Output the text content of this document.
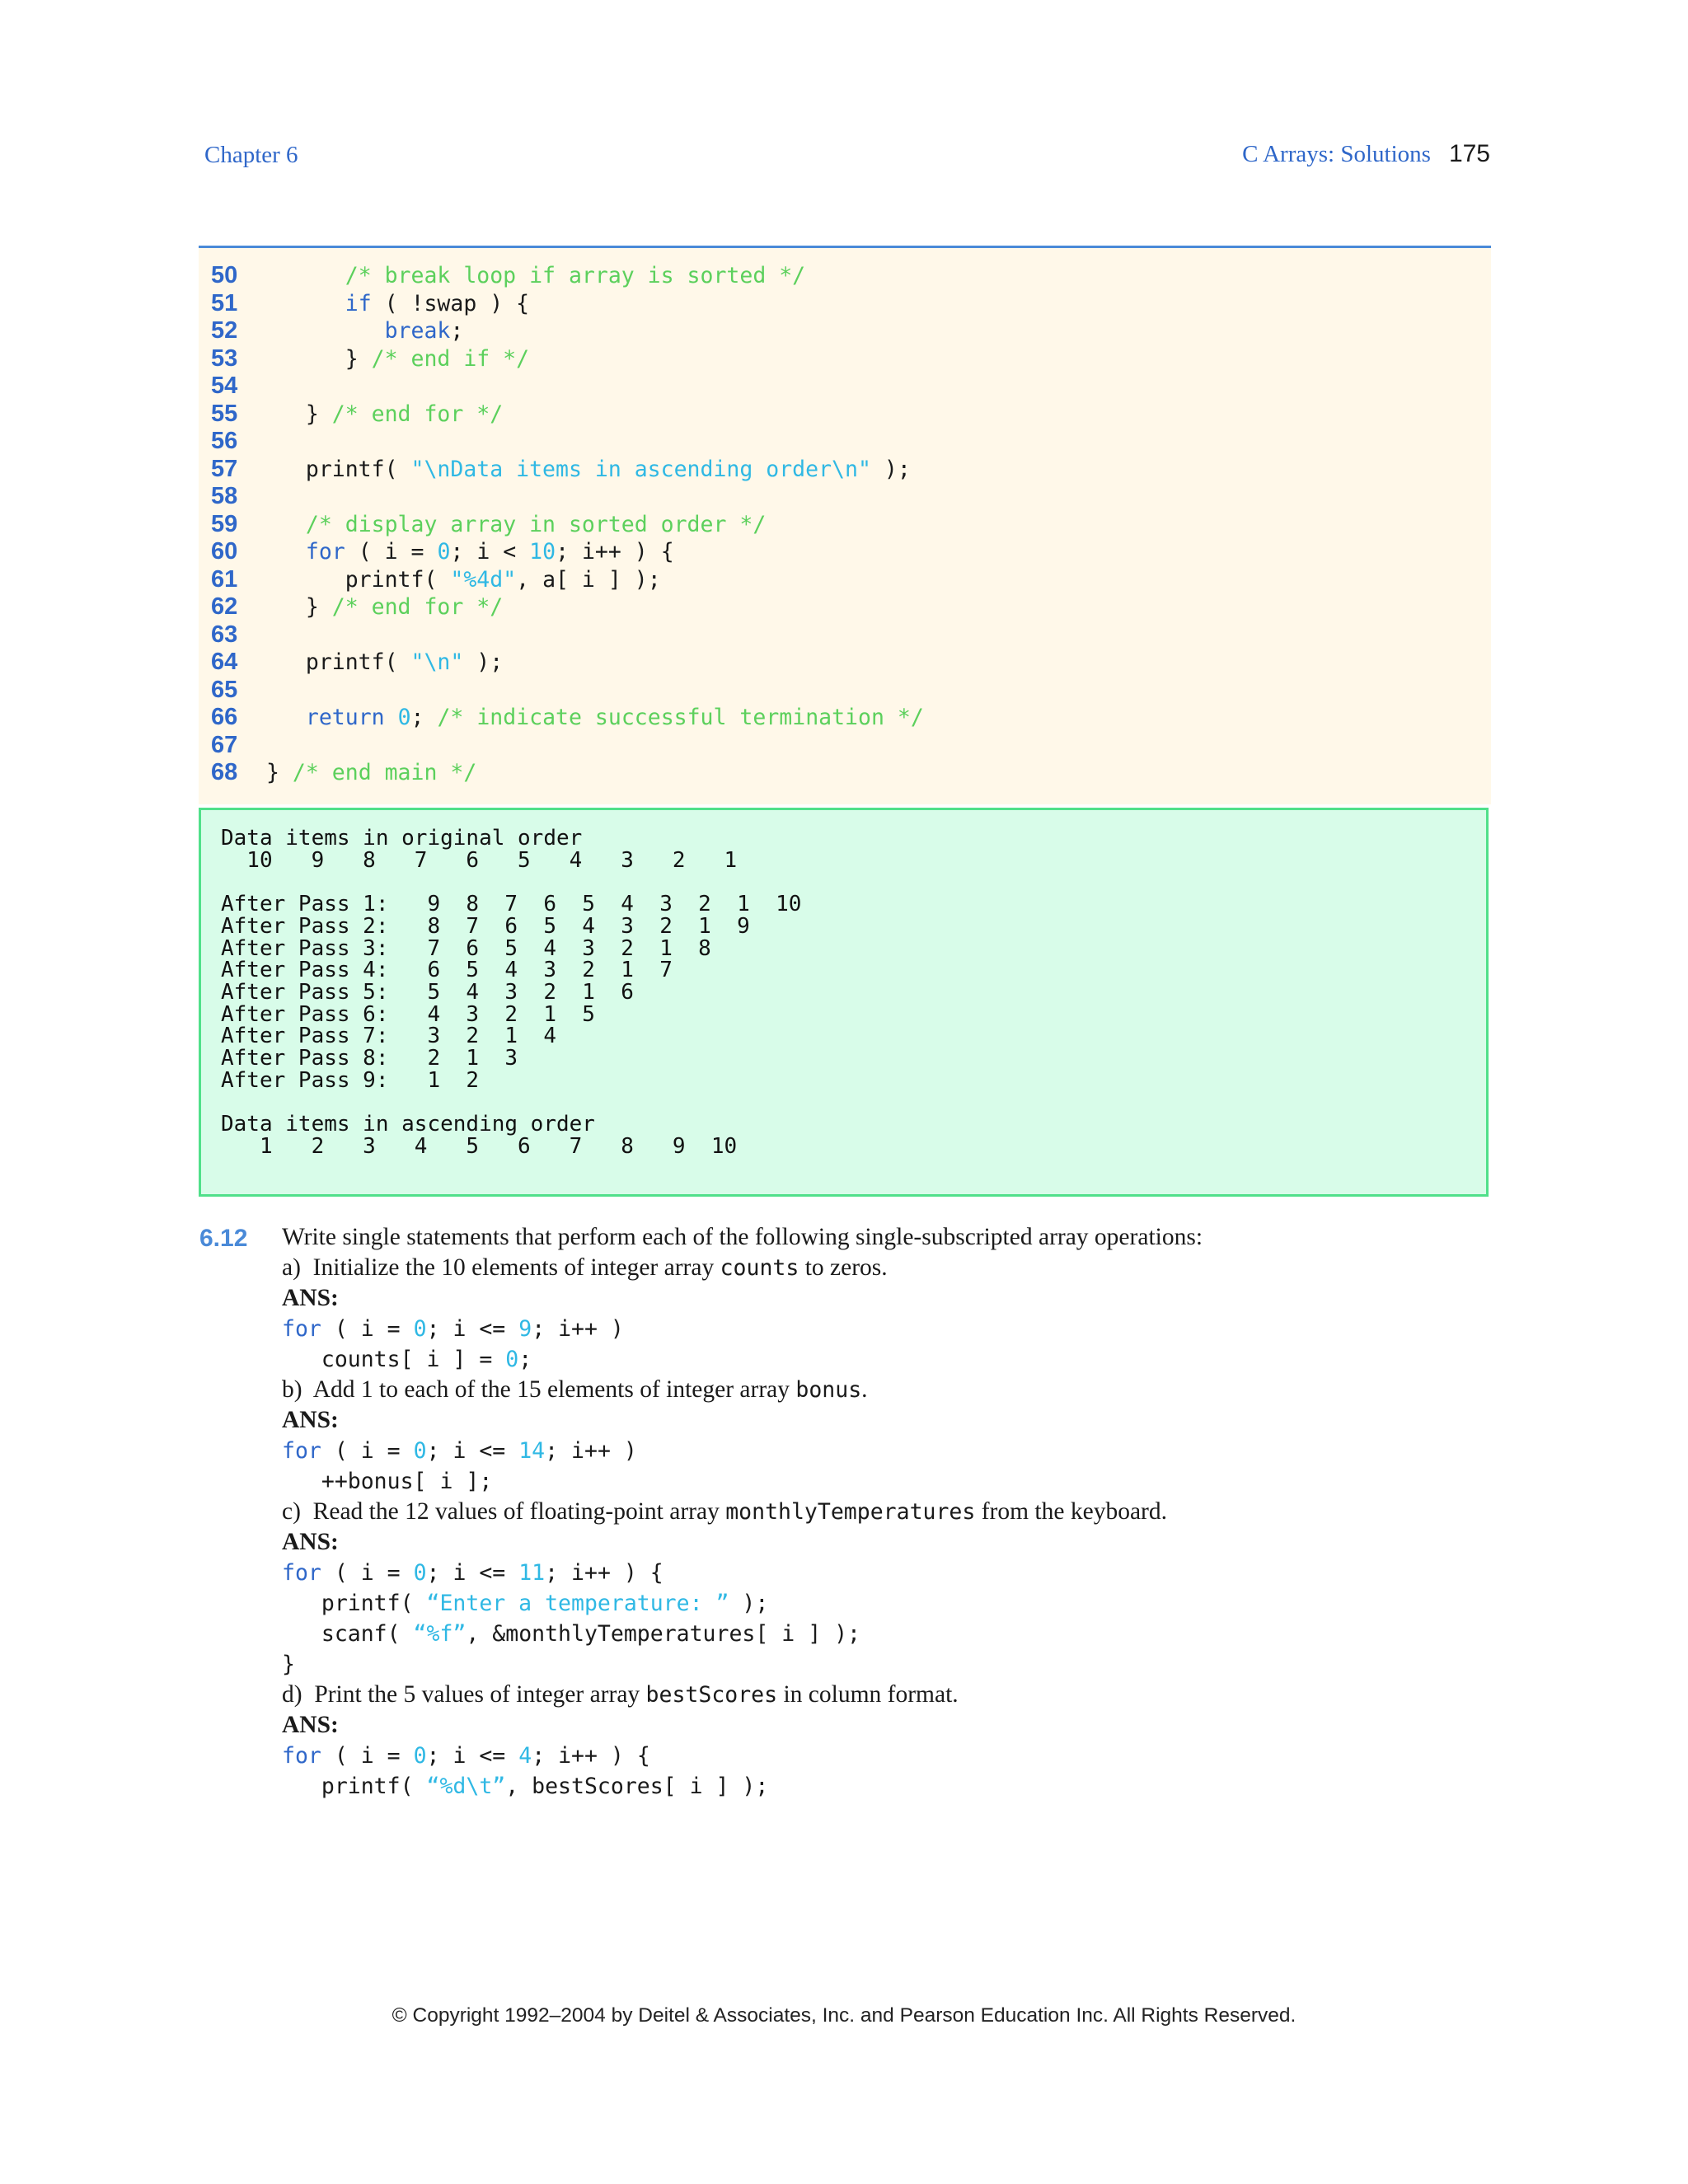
Chapter 6	C Arrays: Solutions 175
50	/* break loop if array is sorted */
51	if ( !swap ) {
52	break;
53	} /* end if */
54
55	} /* end for */
56
57	printf( "\nData items in ascending order\n" );
58
59	/* display array in sorted order */
60	for ( i = 0; i < 10; i++ ) {
61	printf( "%4d", a[ i ] );
62	} /* end for */
63
64	printf( "\n" );
65
66	return 0; /* indicate successful termination */
67
68	} /* end main */
Data items in original order
10   9   8   7   6   5   4   3   2   1
After Pass 1:   9  8  7  6  5  4  3  2  1  10
After Pass 2:   8  7  6  5  4  3  2  1  9
After Pass 3:   7  6  5  4  3  2  1  8
After Pass 4:   6  5  4  3  2  1  7
After Pass 5:   5  4  3  2  1  6
After Pass 6:   4  3  2  1  5
After Pass 7:   3  2  1  4
After Pass 8:   2  1  3
After Pass 9:   1  2
Data items in ascending order
1   2   3   4   5   6   7   8   9  10
6.12 Write single statements that perform each of the following single-subscripted array operations:
a)  Initialize the 10 elements of integer array counts to zeros.
ANS:
for ( i = 0; i <= 9; i++ )
counts[ i ] = 0;
b)  Add 1 to each of the 15 elements of integer array bonus.
ANS:
for ( i = 0; i <= 14; i++ )
++bonus[ i ];
c)  Read the 12 values of floating-point array monthlyTemperatures from the keyboard.
ANS:
for ( i = 0; i <= 11; i++ ) {
printf( “Enter a temperature: ” );
scanf( “%f”, &monthlyTemperatures[ i ] );
}
d)  Print the 5 values of integer array bestScores in column format.
ANS:
for ( i = 0; i <= 4; i++ ) {
printf( “%d\t”, bestScores[ i ] );
© Copyright 1992–2004 by Deitel & Associates, Inc. and Pearson Education Inc. All Rights Reserved.
